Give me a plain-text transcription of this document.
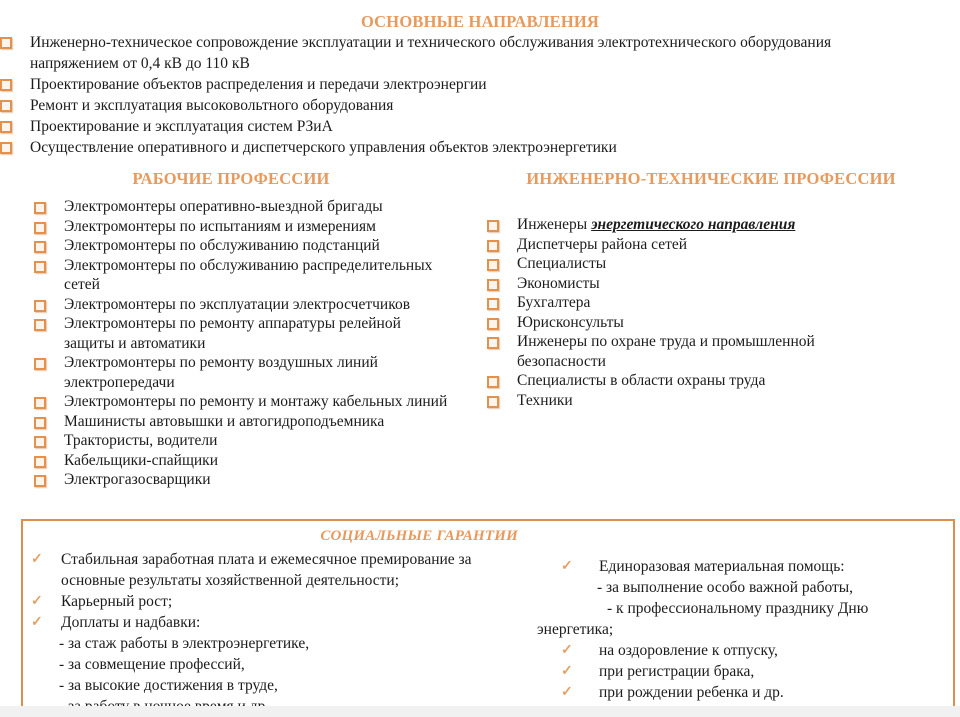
ОСНОВНЫЕ НАПРАВЛЕНИЯ
Инженерно-техническое сопровождение эксплуатации и технического обслуживания электротехнического оборудования напряжением от 0,4 кВ до 110 кВ
Проектирование объектов распределения и передачи электроэнергии
Ремонт и эксплуатация высоковольтного оборудования
Проектирование и эксплуатация систем РЗиА
Осуществление оперативного и диспетчерского управления объектов электроэнергетики
РАБОЧИЕ ПРОФЕССИИ
Электромонтеры оперативно-выездной бригады
Электромонтеры по испытаниям и измерениям
Электромонтеры по обслуживанию подстанций
Электромонтеры по обслуживанию распределительных сетей
Электромонтеры по эксплуатации электросчетчиков
Электромонтеры по ремонту аппаратуры релейной защиты и автоматики
Электромонтеры по ремонту воздушных линий электропередачи
Электромонтеры по ремонту и монтажу кабельных линий
Машинисты автовышки и автогидроподъемника
Трактористы, водители
Кабельщики-спайщики
Электрогазосварщики
ИНЖЕНЕРНО-ТЕХНИЧЕСКИЕ ПРОФЕССИИ
Инженеры энергетического направления
Диспетчеры района сетей
Специалисты
Экономисты
Бухгалтера
Юрисконсульты
Инженеры по охране труда и промышленной безопасности
Специалисты в области охраны труда
Техники
СОЦИАЛЬНЫЕ ГАРАНТИИ
✓ Стабильная заработная плата и ежемесячное премирование за основные результаты хозяйственной деятельности;
✓ Карьерный рост;
✓ Доплаты и надбавки:
- за стаж работы в электроэнергетике,
- за совмещение профессий,
- за высокие достижения в труде,
✓ Единоразовая материальная помощь:
- за выполнение особо важной работы,

- к профессиональному празднику Дню энергетика;

✓ на оздоровление к отпуску,
✓ при регистрации брака,
✓ при рождении ребенка и др.
